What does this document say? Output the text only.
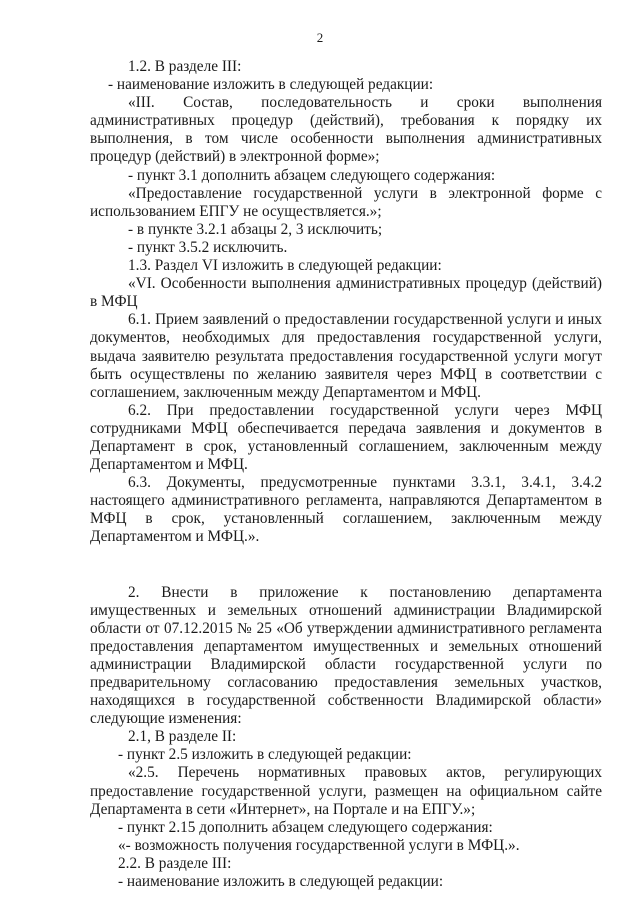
2

1.2. В разделе III:

- наименование изложить в следующей редакции:

«III. Состав, последовательность и сроки выполнения

административных процедур (действий), требования к порядку их

выполнения, в том числе особенности выполнения административных

процедур (действий) в электронной форме»;

- пункт 3.1 дополнить абзацем следующего содержания:

«Предоставление государственной услуги в электронной форме с

использованием ЕПГУ не осуществляется.»;

- в пункте 3.2.1 абзацы 2, 3 исключить;

- пункт 3.5.2 исключить.

1.3. Раздел VI изложить в следующей редакции:

«VI. Особенности выполнения административных процедур (действий)

в МФЦ

6.1. Прием заявлений о предоставлении государственной услуги и иных

документов, необходимых для предоставления государственной услуги,

выдача заявителю результата предоставления государственной услуги могут

быть осуществлены по желанию заявителя через МФЦ в соответствии с

соглашением, заключенным между Департаментом и МФЦ.

6.2. При предоставлении государственной услуги через МФЦ

сотрудниками МФЦ обеспечивается передача заявления и документов в

Департамент в срок, установленный соглашением, заключенным между

Департаментом и МФЦ.

6.3. Документы, предусмотренные пунктами 3.3.1, 3.4.1, 3.4.2

настоящего административного регламента, направляются Департаментом в

МФЦ в срок, установленный соглашением, заключенным между

Департаментом и МФЦ.».

2. Внести в приложение к постановлению департамента

имущественных и земельных отношений администрации Владимирской

области от 07.12.2015 № 25 «Об утверждении административного регламента

предоставления департаментом имущественных и земельных отношений

администрации Владимирской области государственной услуги по

предварительному согласованию предоставления земельных участков,

находящихся в государственной собственности Владимирской области»

следующие изменения:

2.1, В разделе II:

- пункт 2.5 изложить в следующей редакции:

«2.5. Перечень нормативных правовых актов, регулирующих

предоставление государственной услуги, размещен на официальном сайте

Департамента в сети «Интернет», на Портале и на ЕПГУ.»;

- пункт 2.15 дополнить абзацем следующего содержания:

«- возможность получения государственной услуги в МФЦ.».

2.2. В разделе III:

- наименование изложить в следующей редакции:
